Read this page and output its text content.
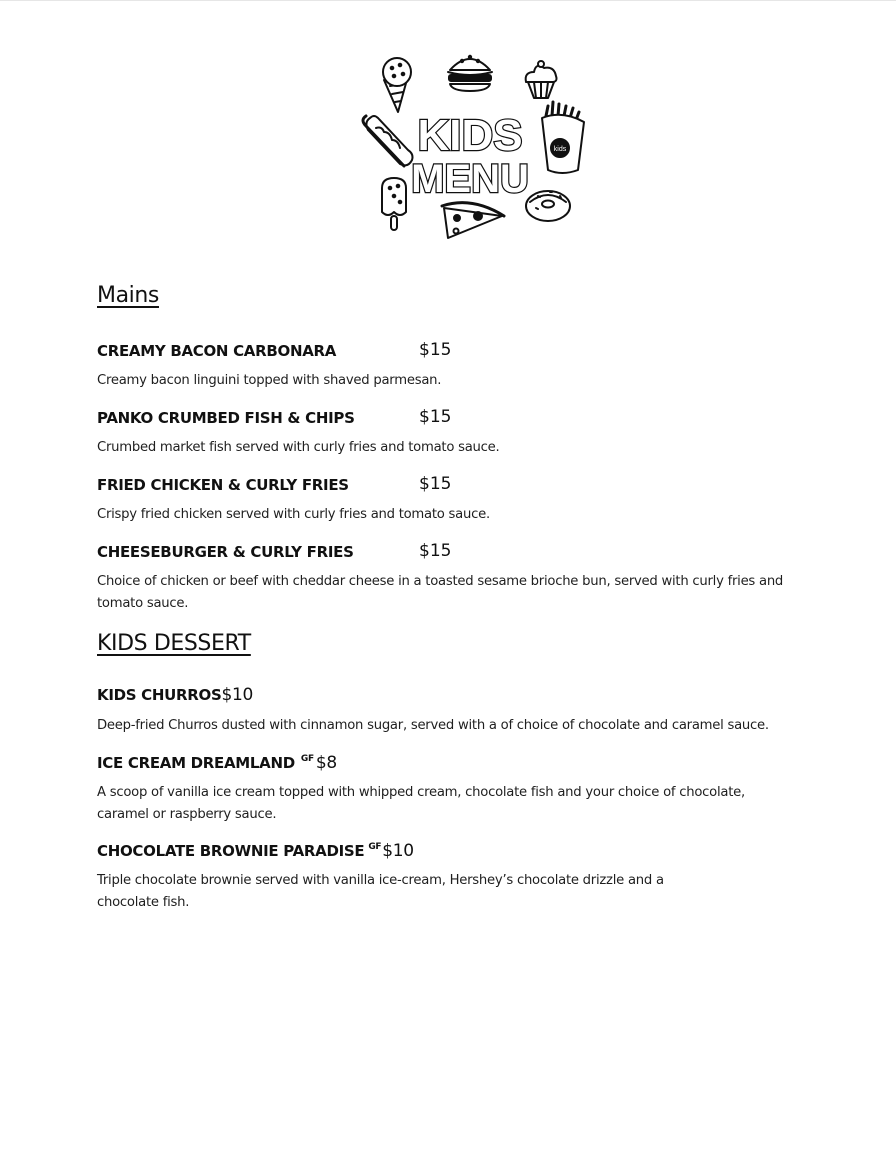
kids
KIDS
MENU
Mains
CREAMY BACON CARBONARA	$15

Creamy bacon linguini topped with shaved parmesan.

PANKO CRUMBED FISH & CHIPS	$15

Crumbed market fish served with curly fries and tomato sauce.

FRIED CHICKEN & CURLY FRIES	$15

Crispy fried chicken served with curly fries and tomato sauce.

CHEESEBURGER & CURLY FRIES	$15

Choice of chicken or beef with cheddar cheese in a toasted sesame brioche bun, served with curly fries and tomato sauce.

KIDS DESSERT
KIDS CHURROS$10

Deep-fried Churros dusted with cinnamon sugar, served with a of choice of chocolate and caramel sauce.

ICE CREAM DREAMLAND $^{GF}$ $8

A scoop of vanilla ice cream topped with whipped cream, chocolate fish and your choice of chocolate, caramel or raspberry sauce.

CHOCOLATE BROWNIE PARADISE $^{GF}$\$10

Triple chocolate brownie served with vanilla ice-cream, Hershey’s chocolate drizzle and a chocolate fish.
